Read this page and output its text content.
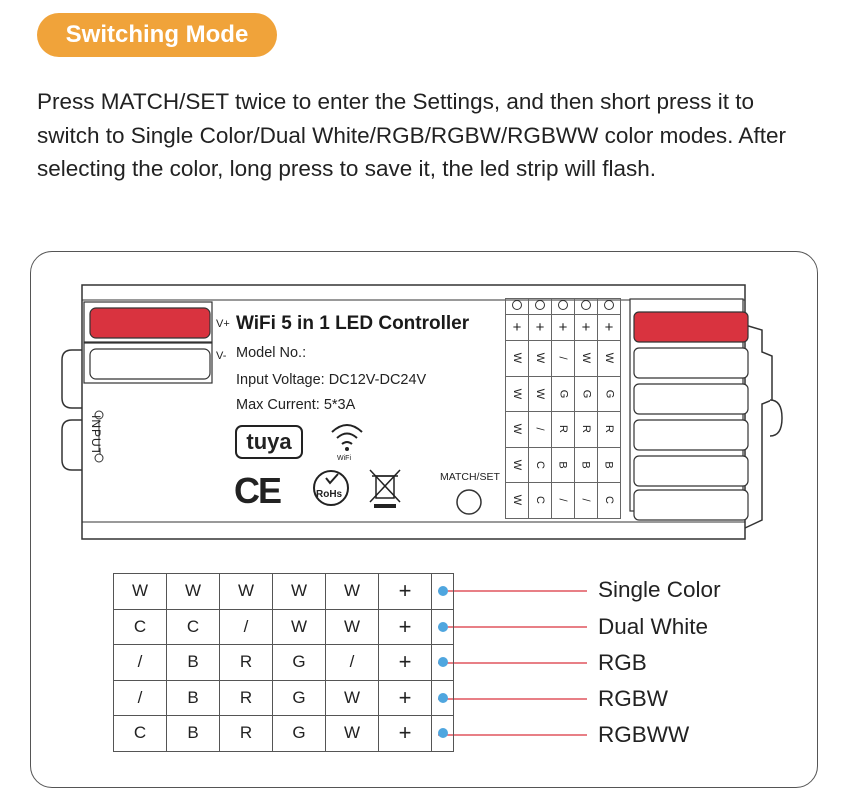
Switching Mode
Press MATCH/SET twice to enter the Settings, and then short press it to switch to Single Color/Dual White/RGB/RGBW/RGBWW color modes. After selecting the color, long press to save it, the led strip will flash.
V+ WiFi 5 in 1 LED Controller
V- Model No.:
Input Voltage: DC12V-DC24V
Max Current: 5*3A
INPUT	tuya
WiFi
CE	RoHs
MATCH/SET

+	+	+	+	+
W	W	/	W	W
W	W	G	G	G
W	/	R	R	R
W	C	B	B	B
W	C	/	/	C
W	W	W	W	W	+	
C	C	/	W	W	+	
/	B	R	G	/	+	
/	B	R	G	W	+	
C	B	R	G	W	+	
Single Color
Dual White
RGB
RGBW
RGBWW
